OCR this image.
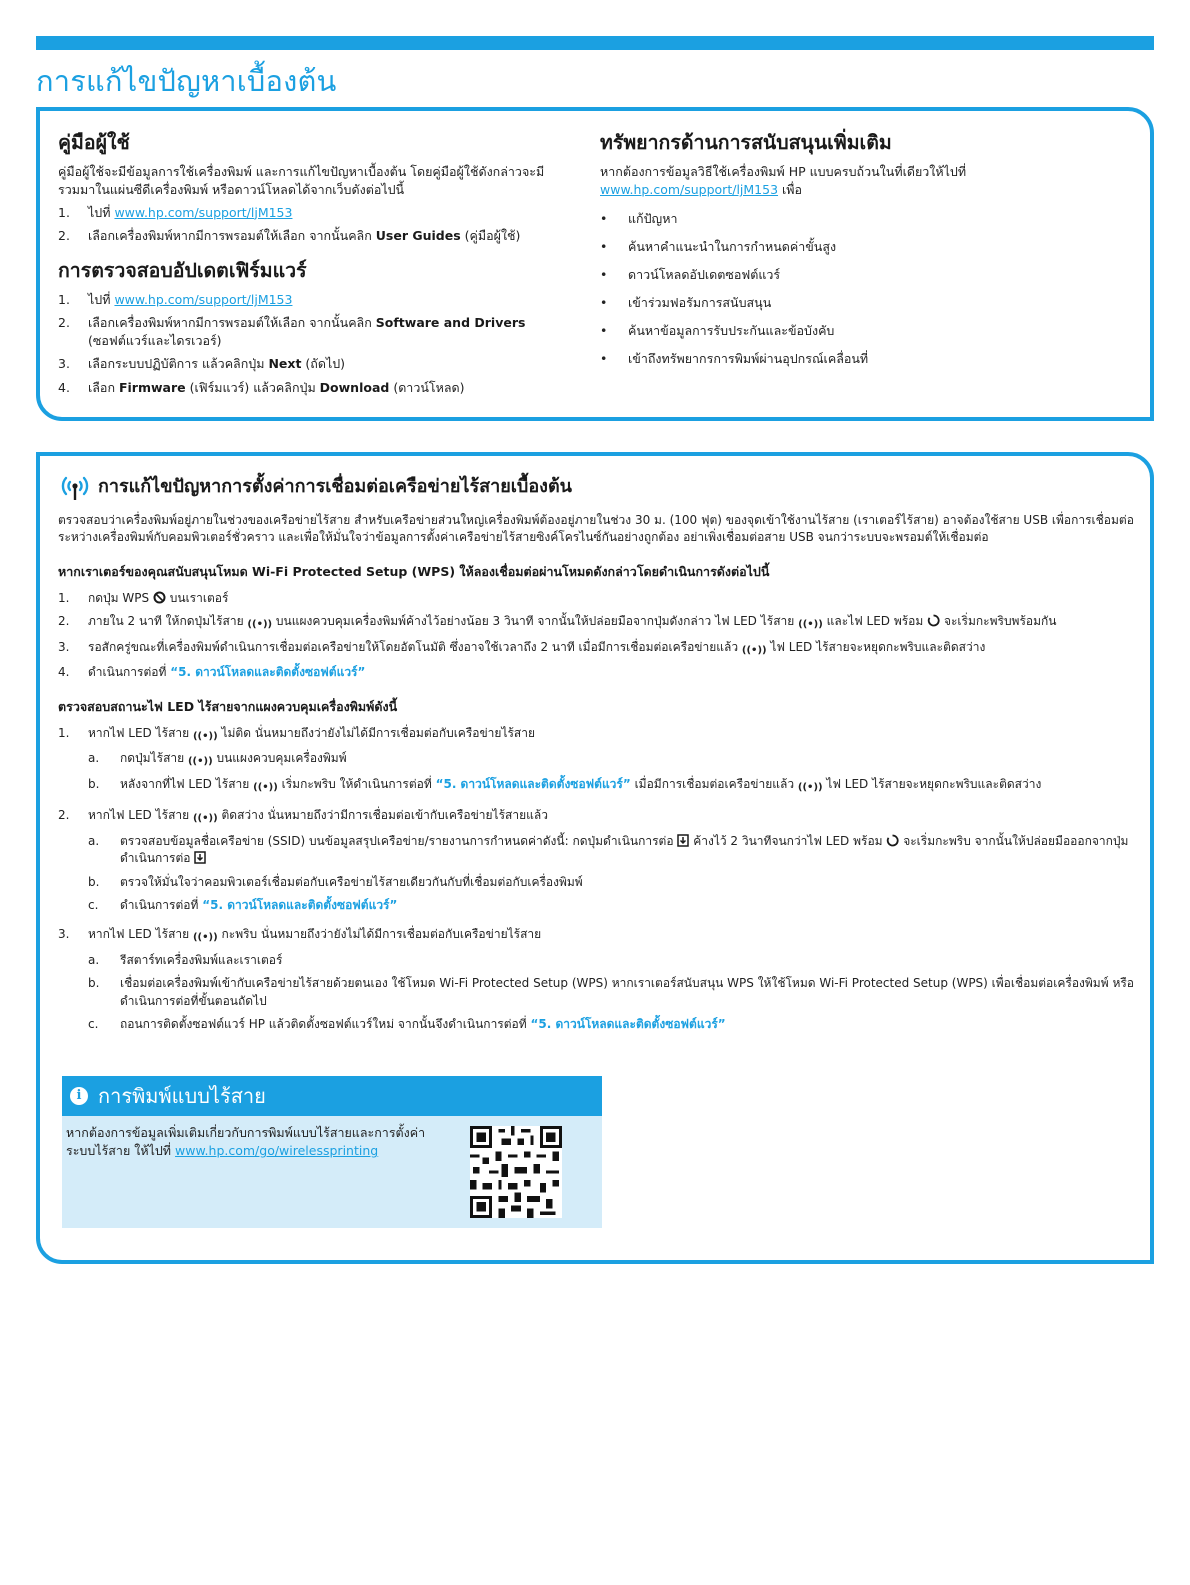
การแก้ไขปัญหาเบื้องต้น
คู่มือผู้ใช้

คู่มือผู้ใช้จะมีข้อมูลการใช้เครื่องพิมพ์ และการแก้ไขปัญหาเบื้องต้น โดยคู่มือผู้ใช้ดังกล่าวจะมีรวมมาในแผ่นซีดีเครื่องพิมพ์ หรือดาวน์โหลดได้จากเว็บดังต่อไปนี้

1.	ไปที่ www.hp.com/support/ljM153
2.	เลือกเครื่องพิมพ์หากมีการพรอมต์ให้เลือก จากนั้นคลิก User Guides (คู่มือผู้ใช้)
การตรวจสอบอัปเดตเฟิร์มแวร์
1.	ไปที่ www.hp.com/support/ljM153
2.	เลือกเครื่องพิมพ์หากมีการพรอมต์ให้เลือก จากนั้นคลิก Software and Drivers (ซอฟต์แวร์และไดรเวอร์)
3.	เลือกระบบปฏิบัติการ แล้วคลิกปุ่ม Next (ถัดไป)
4.	เลือก Firmware (เฟิร์มแวร์) แล้วคลิกปุ่ม Download (ดาวน์โหลด)
ทรัพยากรด้านการสนับสนุนเพิ่มเติม

หากต้องการข้อมูลวิธีใช้เครื่องพิมพ์ HP แบบครบถ้วนในที่เดียวให้ไปที่
www.hp.com/support/ljM153 เพื่อ

•	แก้ปัญหา
•	ค้นหาคำแนะนำในการกำหนดค่าขั้นสูง
•	ดาวน์โหลดอัปเดตซอฟต์แวร์
•	เข้าร่วมฟอรัมการสนับสนุน
•	ค้นหาข้อมูลการรับประกันและข้อบังคับ
•	เข้าถึงทรัพยากรการพิมพ์ผ่านอุปกรณ์เคลื่อนที่
การแก้ไขปัญหาการตั้งค่าการเชื่อมต่อเครือข่ายไร้สายเบื้องต้น

ตรวจสอบว่าเครื่องพิมพ์อยู่ภายในช่วงของเครือข่ายไร้สาย สำหรับเครือข่ายส่วนใหญ่เครื่องพิมพ์ต้องอยู่ภายในช่วง 30 ม. (100 ฟุต) ของจุดเข้าใช้งานไร้สาย (เราเตอร์ไร้สาย) อาจต้องใช้สาย USB เพื่อการเชื่อมต่อระหว่างเครื่องพิมพ์กับคอมพิวเตอร์ชั่วคราว และเพื่อให้มั่นใจว่าข้อมูลการตั้งค่าเครือข่ายไร้สายซิงค์โครไนซ์กันอย่างถูกต้อง อย่าเพิ่งเชื่อมต่อสาย USB จนกว่าระบบจะพรอมต์ให้เชื่อมต่อ

หากเราเตอร์ของคุณสนับสนุนโหมด Wi-Fi Protected Setup (WPS) ให้ลองเชื่อมต่อผ่านโหมดดังกล่าวโดยดำเนินการดังต่อไปนี้
1.	กดปุ่ม WPS  บนเราเตอร์
2.	ภายใน 2 นาที ให้กดปุ่มไร้สาย ((•)) บนแผงควบคุมเครื่องพิมพ์ค้างไว้อย่างน้อย 3 วินาที จากนั้นให้ปล่อยมือจากปุ่มดังกล่าว ไฟ LED ไร้สาย ((•)) และไฟ LED พร้อม  จะเริ่มกะพริบพร้อมกัน
3.	รอสักครู่ขณะที่เครื่องพิมพ์ดำเนินการเชื่อมต่อเครือข่ายให้โดยอัตโนมัติ ซึ่งอาจใช้เวลาถึง 2 นาที เมื่อมีการเชื่อมต่อเครือข่ายแล้ว ((•)) ไฟ LED ไร้สายจะหยุดกะพริบและติดสว่าง
4.	ดำเนินการต่อที่ “5. ดาวน์โหลดและติดตั้งซอฟต์แวร์”
ตรวจสอบสถานะไฟ LED ไร้สายจากแผงควบคุมเครื่องพิมพ์ดังนี้
1.	หากไฟ LED ไร้สาย ((•)) ไม่ติด นั่นหมายถึงว่ายังไม่ได้มีการเชื่อมต่อกับเครือข่ายไร้สาย
a.	กดปุ่มไร้สาย ((•)) บนแผงควบคุมเครื่องพิมพ์
b.	หลังจากที่ไฟ LED ไร้สาย ((•)) เริ่มกะพริบ ให้ดำเนินการต่อที่ “5. ดาวน์โหลดและติดตั้งซอฟต์แวร์” เมื่อมีการเชื่อมต่อเครือข่ายแล้ว ((•)) ไฟ LED ไร้สายจะหยุดกะพริบและติดสว่าง
2.	หากไฟ LED ไร้สาย ((•)) ติดสว่าง นั่นหมายถึงว่ามีการเชื่อมต่อเข้ากับเครือข่ายไร้สายแล้ว
a.	ตรวจสอบข้อมูลชื่อเครือข่าย (SSID) บนข้อมูลสรุปเครือข่าย/รายงานการกำหนดค่าดังนี้: กดปุ่มดำเนินการต่อ  ค้างไว้ 2 วินาทีจนกว่าไฟ LED พร้อม  จะเริ่มกะพริบ จากนั้นให้ปล่อยมือออกจากปุ่มดำเนินการต่อ
b.	ตรวจให้มั่นใจว่าคอมพิวเตอร์เชื่อมต่อกับเครือข่ายไร้สายเดียวกันกับที่เชื่อมต่อกับเครื่องพิมพ์
c.	ดำเนินการต่อที่ “5. ดาวน์โหลดและติดตั้งซอฟต์แวร์”
3.	หากไฟ LED ไร้สาย ((•)) กะพริบ นั่นหมายถึงว่ายังไม่ได้มีการเชื่อมต่อกับเครือข่ายไร้สาย
a.	รีสตาร์ทเครื่องพิมพ์และเราเตอร์
b.	เชื่อมต่อเครื่องพิมพ์เข้ากับเครือข่ายไร้สายด้วยตนเอง ใช้โหมด Wi-Fi Protected Setup (WPS) หากเราเตอร์สนับสนุน WPS ให้ใช้โหมด Wi-Fi Protected Setup (WPS) เพื่อเชื่อมต่อเครื่องพิมพ์ หรือดำเนินการต่อที่ขั้นตอนถัดไป
c.	ถอนการติดตั้งซอฟต์แวร์ HP แล้วติดตั้งซอฟต์แวร์ใหม่ จากนั้นจึงดำเนินการต่อที่ “5. ดาวน์โหลดและติดตั้งซอฟต์แวร์”
i การพิมพ์แบบไร้สาย

หากต้องการข้อมูลเพิ่มเติมเกี่ยวกับการพิมพ์แบบไร้สายและการตั้งค่าระบบไร้สาย ให้ไปที่ www.hp.com/go/wirelessprinting
